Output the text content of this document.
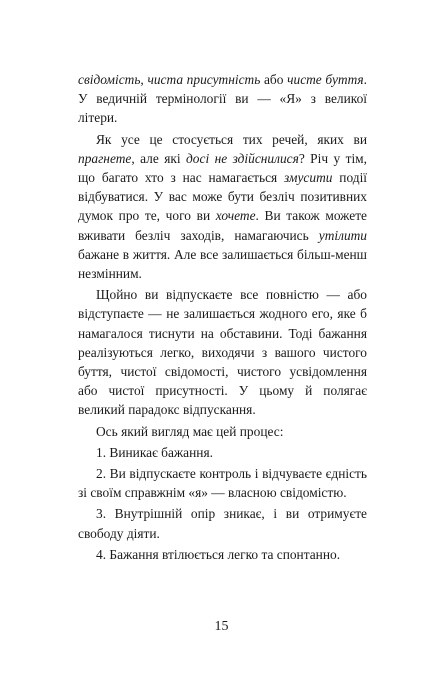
свідомість, чиста присутність або чисте буття. У ведичній термінології ви — «Я» з великої літери.

Як усе це стосується тих речей, яких ви прагнете, але які досі не здійснилися? Річ у тім, що багато хто з нас намагається змусити події відбуватися. У вас може бути безліч позитивних думок про те, чого ви хочете. Ви також можете вживати безліч заходів, намагаючись утілити бажане в життя. Але все залишається більш-менш незмінним.

Щойно ви відпускаєте все повністю — або відступаєте — не залишається жодного его, яке б намагалося тиснути на обставини. Тоді бажання реалізуються легко, виходячи з вашого чистого буття, чистої свідомості, чистого усвідомлення або чистої присутності. У цьому й полягає великий парадокс відпускання.

Ось який вигляд має цей процес:

1. Виникає бажання.

2. Ви відпускаєте контроль і відчуваєте єдність зі своїм справжнім «я» — власною свідомістю.

3. Внутрішній опір зникає, і ви отримуєте свободу діяти.

4. Бажання втілюється легко та спонтанно.

15
